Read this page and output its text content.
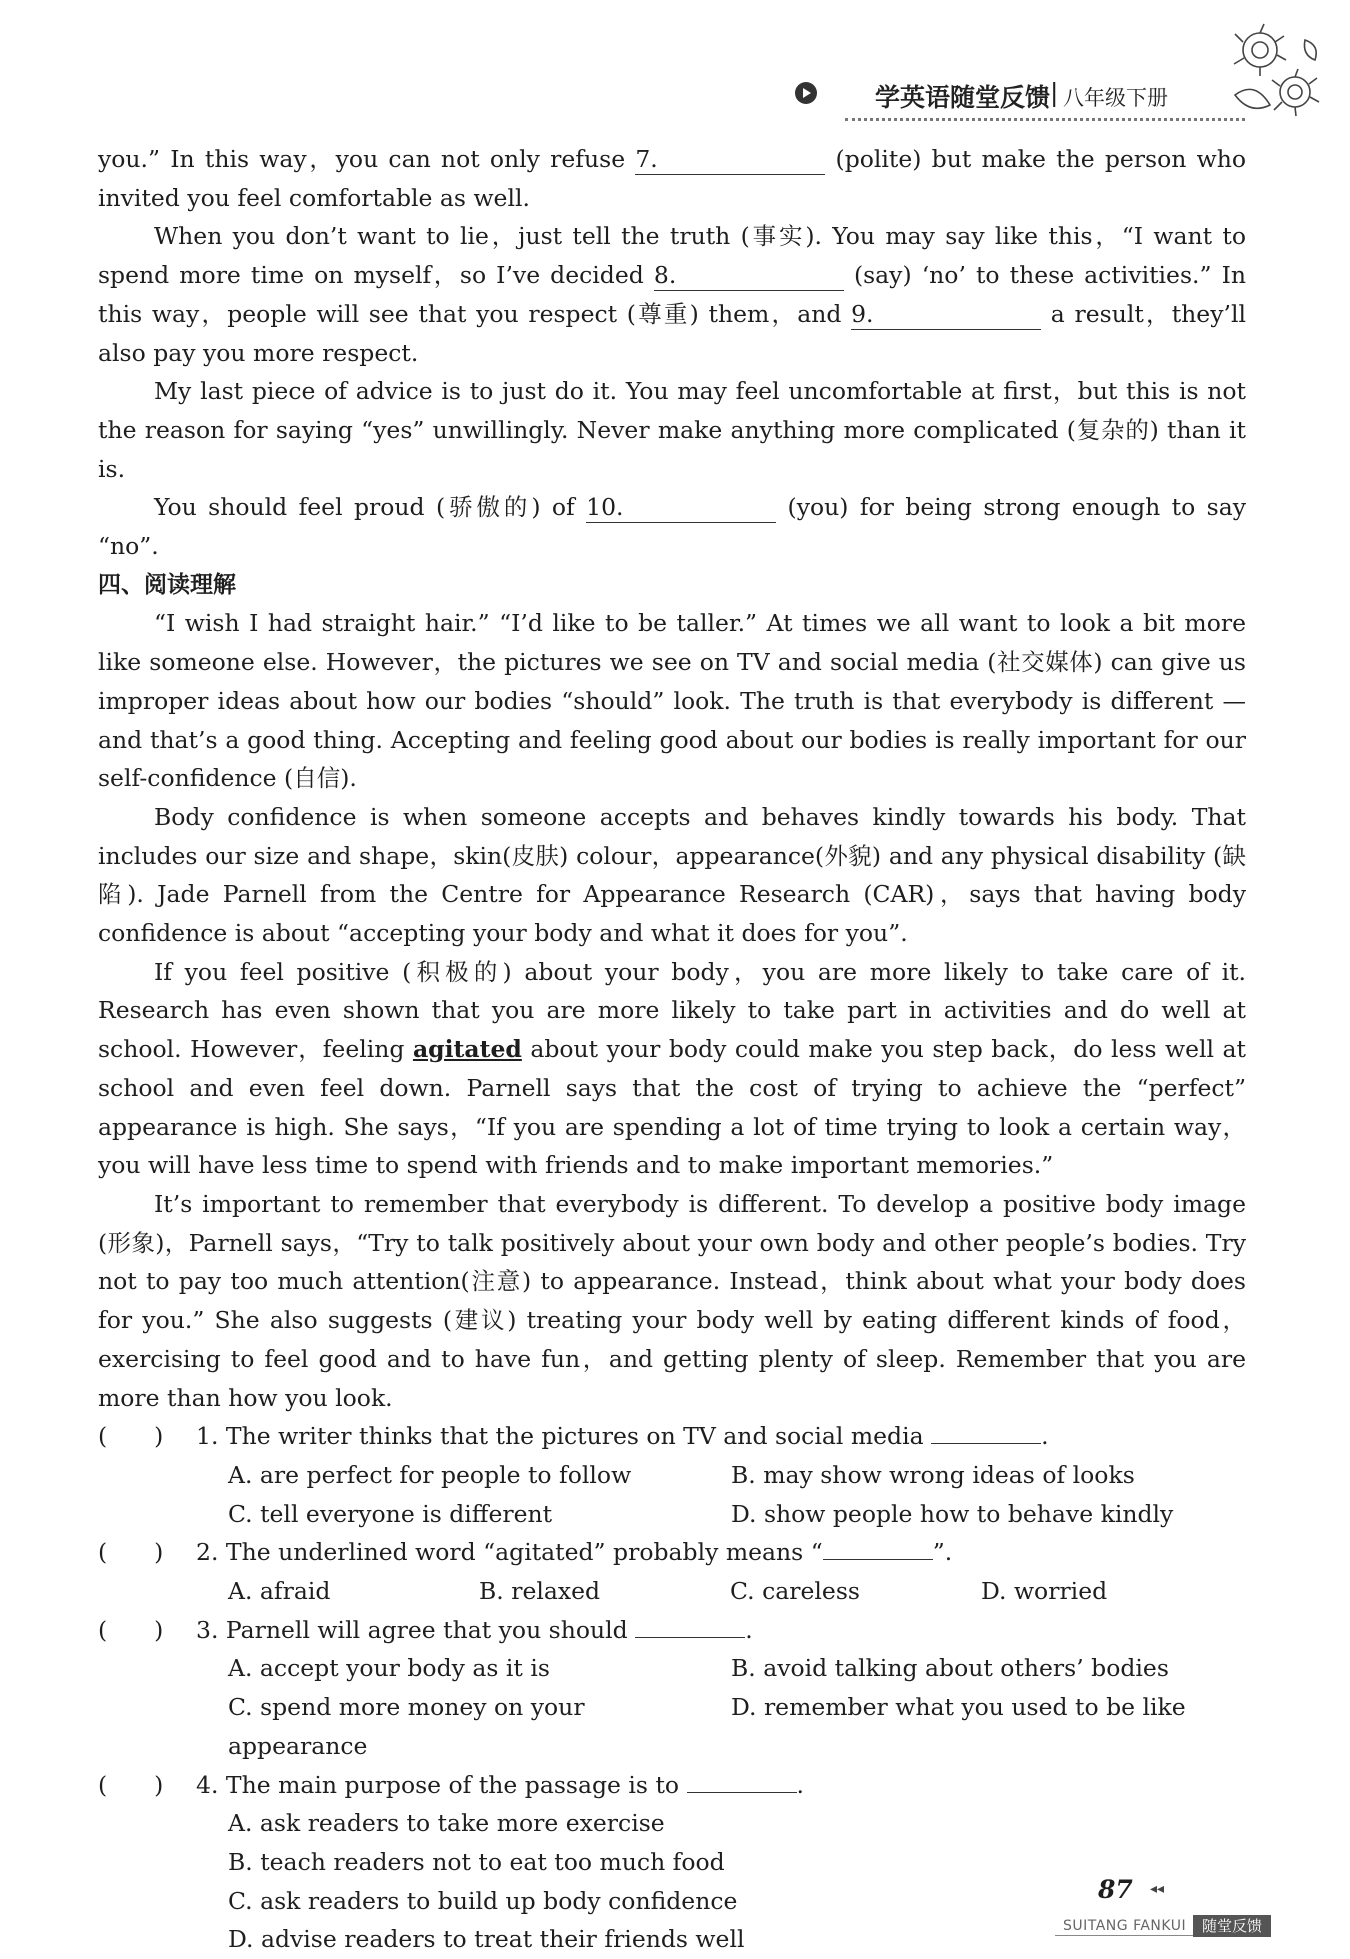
学英语随堂反馈 | 八年级下册

you.” In this way，you can not only refuse 7.	(polite) but make the person who invited you feel comfortable as well.

When you don’t want to lie，just tell the truth (事实). You may say like this，“I want to spend more time on myself，so I’ve decided 8.	(say) ‘no’ to these activities.” In this way，people will see that you respect (尊重) them，and 9.	a result，they’ll also pay you more respect.

My last piece of advice is to just do it. You may feel uncomfortable at first，but this is not the reason for saying “yes” unwillingly. Never make anything more complicated (复杂的) than it is.

You should feel proud (骄傲的) of 10.	(you) for being strong enough to say “no”.

四、阅读理解

“I wish I had straight hair.” “I’d like to be taller.” At times we all want to look a bit more like someone else. However，the pictures we see on TV and social media (社交媒体) can give us improper ideas about how our bodies “should” look. The truth is that everybody is different — and that’s a good thing. Accepting and feeling good about our bodies is really important for our self-confidence (自信).

Body confidence is when someone accepts and behaves kindly towards his body. That includes our size and shape，skin(皮肤) colour，appearance(外貌) and any physical disability (缺陷). Jade Parnell from the Centre for Appearance Research (CAR)，says that having body confidence is about “accepting your body and what it does for you”.

If you feel positive (积极的) about your body，you are more likely to take care of it. Research has even shown that you are more likely to take part in activities and do well at school. However，feeling agitated about your body could make you step back，do less well at school and even feel down. Parnell says that the cost of trying to achieve the “perfect” appearance is high. She says，“If you are spending a lot of time trying to look a certain way，you will have less time to spend with friends and to make important memories.”

It’s important to remember that everybody is different. To develop a positive body image (形象)，Parnell says，“Try to talk positively about your own body and other people’s bodies. Try not to pay too much attention(注意) to appearance. Instead，think about what your body does for you.” She also suggests (建议) treating your body well by eating different kinds of food，exercising to feel good and to have fun，and getting plenty of sleep. Remember that you are more than how you look.

(　　) 1. The writer thinks that the pictures on TV and social media	.
A. are perfect for people to follow	B. may show wrong ideas of looks
C. tell everyone is different	D. show people how to behave kindly
(　　) 2. The underlined word “agitated” probably means “	”.
A. afraid	B. relaxed	C. careless	D. worried
(　　) 3. Parnell will agree that you should	.
A. accept your body as it is	B. avoid talking about others’ bodies
C. spend more money on your appearance
D. remember what you used to be like
(　　) 4. The main purpose of the passage is to	.
A. ask readers to take more exercise
B. teach readers not to eat too much food
C. ask readers to build up body confidence
D. advise readers to treat their friends well
87 ◂◂
SUITANG FANKUI	随堂反馈
